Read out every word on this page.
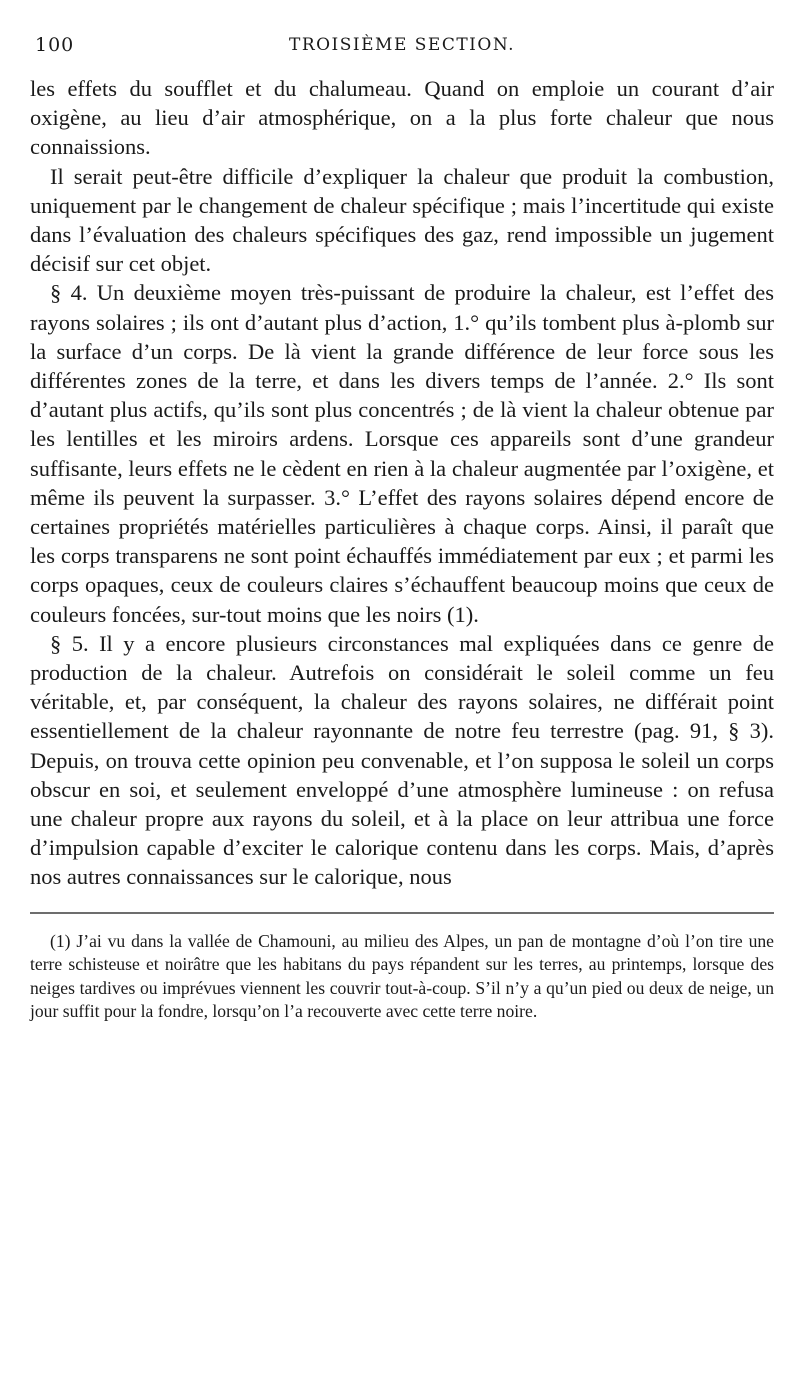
100	TROISIÈME SECTION.

les effets du soufflet et du chalumeau. Quand on emploie un courant d’air oxigène, au lieu d’air atmosphérique, on a la plus forte chaleur que nous connaissions.

Il serait peut-être difficile d’expliquer la chaleur que produit la combustion, uniquement par le changement de chaleur spécifique ; mais l’incertitude qui existe dans l’évaluation des chaleurs spécifiques des gaz, rend impossible un jugement décisif sur cet objet.

§ 4. Un deuxième moyen très-puissant de produire la chaleur, est l’effet des rayons solaires ; ils ont d’autant plus d’action, 1.° qu’ils tombent plus à-plomb sur la surface d’un corps. De là vient la grande différence de leur force sous les différentes zones de la terre, et dans les divers temps de l’année. 2.° Ils sont d’autant plus actifs, qu’ils sont plus concentrés ; de là vient la chaleur obtenue par les lentilles et les miroirs ardens. Lorsque ces appareils sont d’une grandeur suffisante, leurs effets ne le cèdent en rien à la chaleur augmentée par l’oxigène, et même ils peuvent la surpasser. 3.° L’effet des rayons solaires dépend encore de certaines propriétés matérielles particulières à chaque corps. Ainsi, il paraît que les corps transparens ne sont point échauffés immédiatement par eux ; et parmi les corps opaques, ceux de couleurs claires s’échauffent beaucoup moins que ceux de couleurs foncées, sur-tout moins que les noirs (1).

§ 5. Il y a encore plusieurs circonstances mal expliquées dans ce genre de production de la chaleur. Autrefois on considérait le soleil comme un feu véritable, et, par conséquent, la chaleur des rayons solaires, ne différait point essentiellement de la chaleur rayonnante de notre feu terrestre (pag. 91, § 3). Depuis, on trouva cette opinion peu convenable, et l’on supposa le soleil un corps obscur en soi, et seulement enveloppé d’une atmosphère lumineuse : on refusa une chaleur propre aux rayons du soleil, et à la place on leur attribua une force d’impulsion capable d’exciter le calorique contenu dans les corps. Mais, d’après nos autres connaissances sur le calorique, nous

(1) J’ai vu dans la vallée de Chamouni, au milieu des Alpes, un pan de montagne d’où l’on tire une terre schisteuse et noirâtre que les habitans du pays répandent sur les terres, au printemps, lorsque des neiges tardives ou imprévues viennent les couvrir tout-à-coup. S’il n’y a qu’un pied ou deux de neige, un jour suffit pour la fondre, lorsqu’on l’a recouverte avec cette terre noire.
